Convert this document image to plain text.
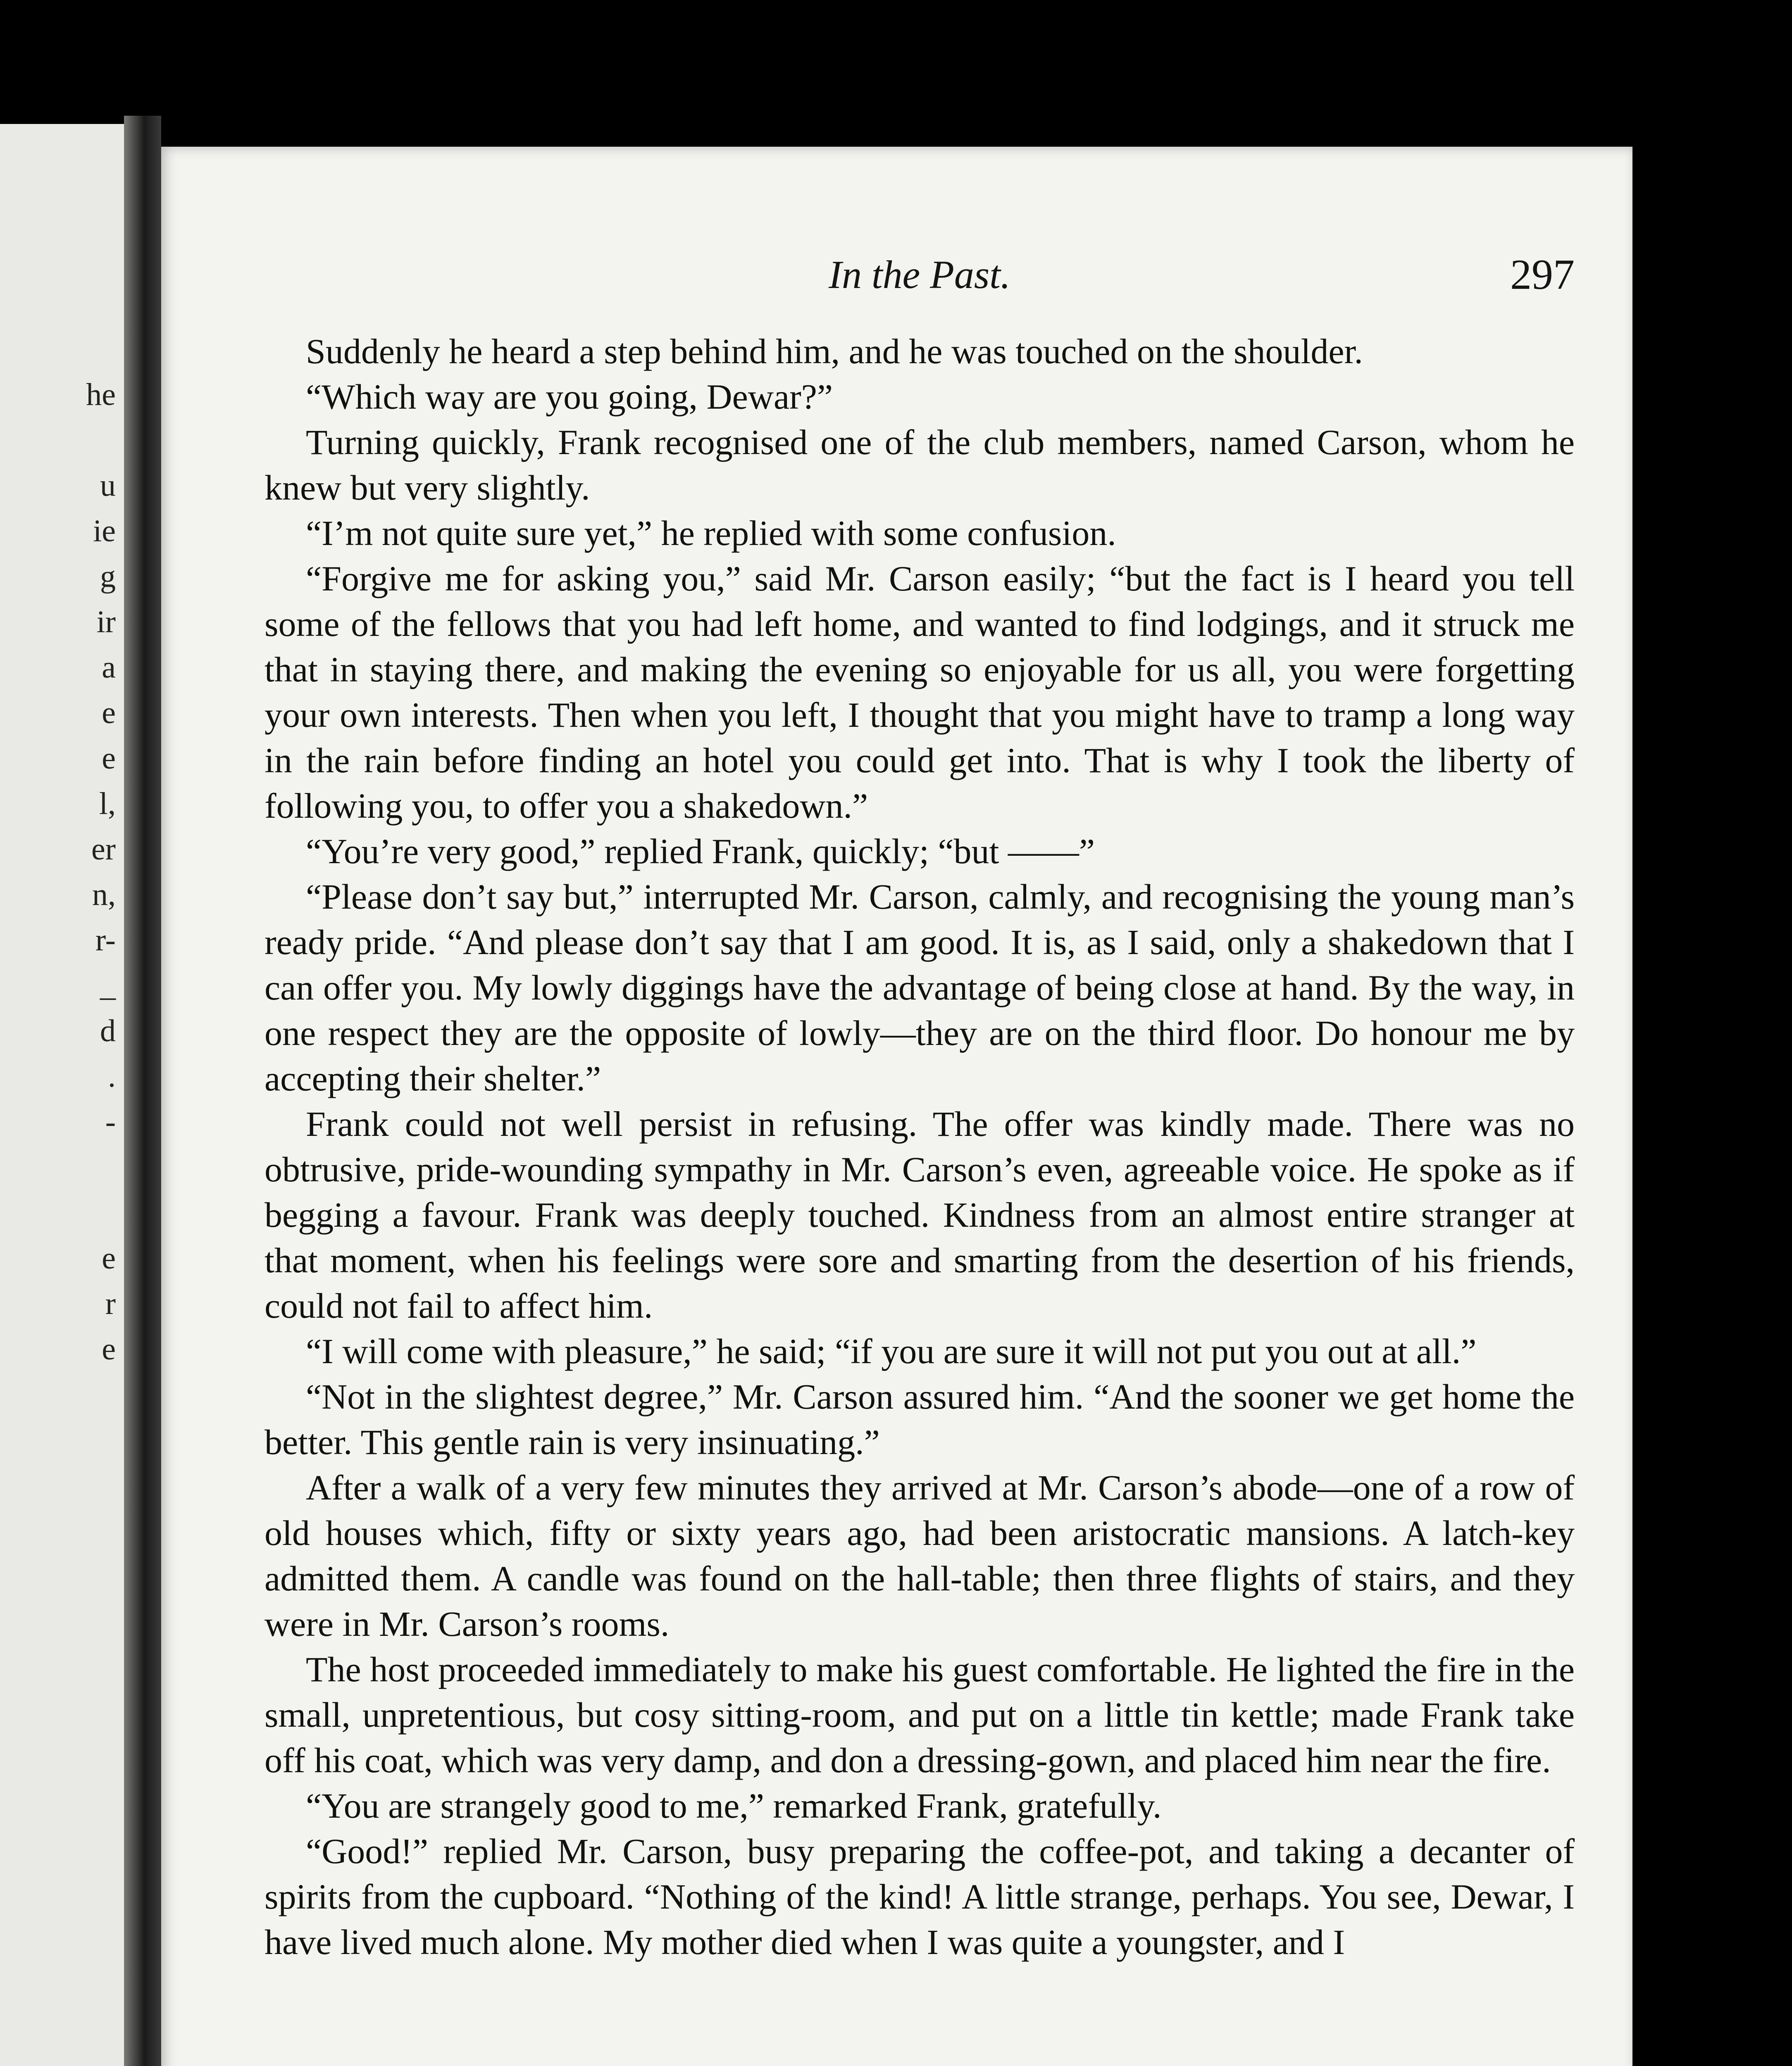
he
u
ie
g
ir
a
e
e
l,
er
n,
r-
_
d
.
-
e
r
e
In the Past.	297

Suddenly he heard a step behind him, and he was touched on the shoulder.

“Which way are you going, Dewar?”

Turning quickly, Frank recognised one of the club members, named Carson, whom he knew but very slightly.

“I’m not quite sure yet,” he replied with some confusion.

“Forgive me for asking you,” said Mr. Carson easily; “but the fact is I heard you tell some of the fellows that you had left home, and wanted to find lodgings, and it struck me that in staying there, and making the evening so enjoyable for us all, you were forgetting your own interests. Then when you left, I thought that you might have to tramp a long way in the rain before finding an hotel you could get into. That is why I took the liberty of following you, to offer you a shakedown.”

“You’re very good,” replied Frank, quickly; “but ——”

“Please don’t say but,” interrupted Mr. Carson, calmly, and recognising the young man’s ready pride. “And please don’t say that I am good. It is, as I said, only a shakedown that I can offer you. My lowly diggings have the advantage of being close at hand. By the way, in one respect they are the opposite of lowly—they are on the third floor. Do honour me by accepting their shelter.”

Frank could not well persist in refusing. The offer was kindly made. There was no obtrusive, pride-wounding sympathy in Mr. Carson’s even, agreeable voice. He spoke as if begging a favour. Frank was deeply touched. Kindness from an almost entire stranger at that moment, when his feelings were sore and smarting from the desertion of his friends, could not fail to affect him.

“I will come with pleasure,” he said; “if you are sure it will not put you out at all.”

“Not in the slightest degree,” Mr. Carson assured him. “And the sooner we get home the better. This gentle rain is very insinuating.”

After a walk of a very few minutes they arrived at Mr. Carson’s abode—one of a row of old houses which, fifty or sixty years ago, had been aristocratic mansions. A latch-key admitted them. A candle was found on the hall-table; then three flights of stairs, and they were in Mr. Carson’s rooms.

The host proceeded immediately to make his guest comfortable. He lighted the fire in the small, unpretentious, but cosy sitting-room, and put on a little tin kettle; made Frank take off his coat, which was very damp, and don a dressing-gown, and placed him near the fire.

“You are strangely good to me,” remarked Frank, gratefully.

“Good!” replied Mr. Carson, busy preparing the coffee-pot, and taking a decanter of spirits from the cupboard. “Nothing of the kind! A little strange, perhaps. You see, Dewar, I have lived much alone. My mother died when I was quite a youngster, and I
